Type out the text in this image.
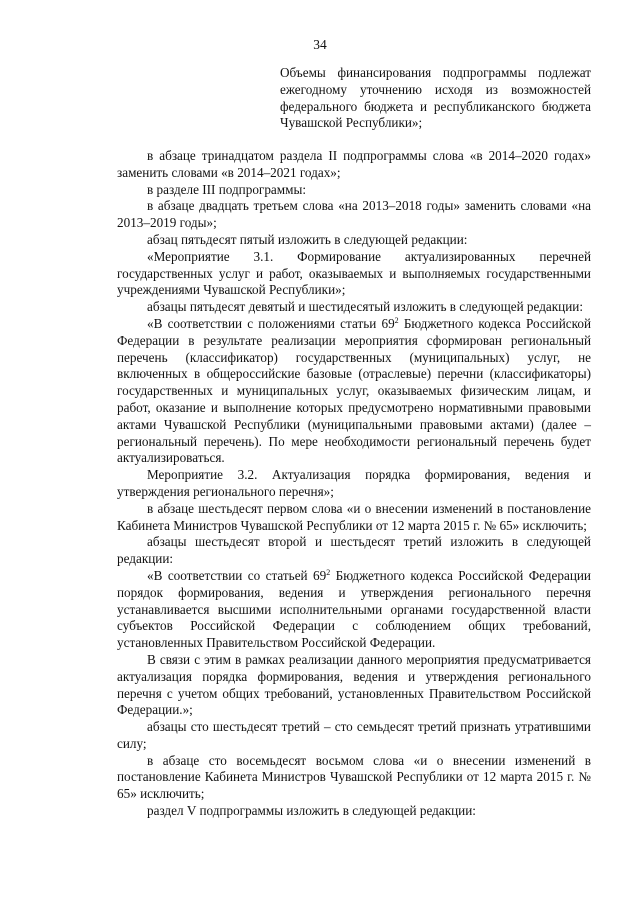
34
Объемы финансирования подпрограммы подлежат ежегодному уточнению исходя из возможностей федерального бюджета и республиканского бюджета Чувашской Республики»;

в абзаце тринадцатом раздела II подпрограммы слова «в 2014–2020 годах» заменить словами «в 2014–2021 годах»;

в разделе III подпрограммы:

в абзаце двадцать третьем слова «на 2013–2018 годы» заменить словами «на 2013–2019 годы»;

абзац пятьдесят пятый изложить в следующей редакции:

«Мероприятие 3.1. Формирование актуализированных перечней государственных услуг и работ, оказываемых и выполняемых государственными учреждениями Чувашской Республики»;

абзацы пятьдесят девятый и шестидесятый изложить в следующей редакции:

«В соответствии с положениями статьи $69^2$ Бюджетного кодекса Российской Федерации в результате реализации мероприятия сформирован региональный перечень (классификатор) государственных (муниципальных) услуг, не включенных в общероссийские базовые (отраслевые) перечни (классификаторы) государственных и муниципальных услуг, оказываемых физическим лицам, и работ, оказание и выполнение которых предусмотрено нормативными правовыми актами Чувашской Республики (муниципальными правовыми актами) (далее – региональный перечень). По мере необходимости региональный перечень будет актуализироваться.

Мероприятие 3.2. Актуализация порядка формирования, ведения и утверждения регионального перечня»;

в абзаце шестьдесят первом слова «и о внесении изменений в постановление Кабинета Министров Чувашской Республики от 12 марта 2015 г. № 65» исключить;

абзацы шестьдесят второй и шестьдесят третий изложить в следующей редакции:

«В соответствии со статьей $69^2$ Бюджетного кодекса Российской Федерации порядок формирования, ведения и утверждения регионального перечня устанавливается высшими исполнительными органами государственной власти субъектов Российской Федерации с соблюдением общих требований, установленных Правительством Российской Федерации.

В связи с этим в рамках реализации данного мероприятия предусматривается актуализация порядка формирования, ведения и утверждения регионального перечня с учетом общих требований, установленных Правительством Российской Федерации.»;

абзацы сто шестьдесят третий – сто семьдесят третий признать утратившими силу;

в абзаце сто восемьдесят восьмом слова «и о внесении изменений в постановление Кабинета Министров Чувашской Республики от 12 марта 2015 г. № 65» исключить;

раздел V подпрограммы изложить в следующей редакции:
